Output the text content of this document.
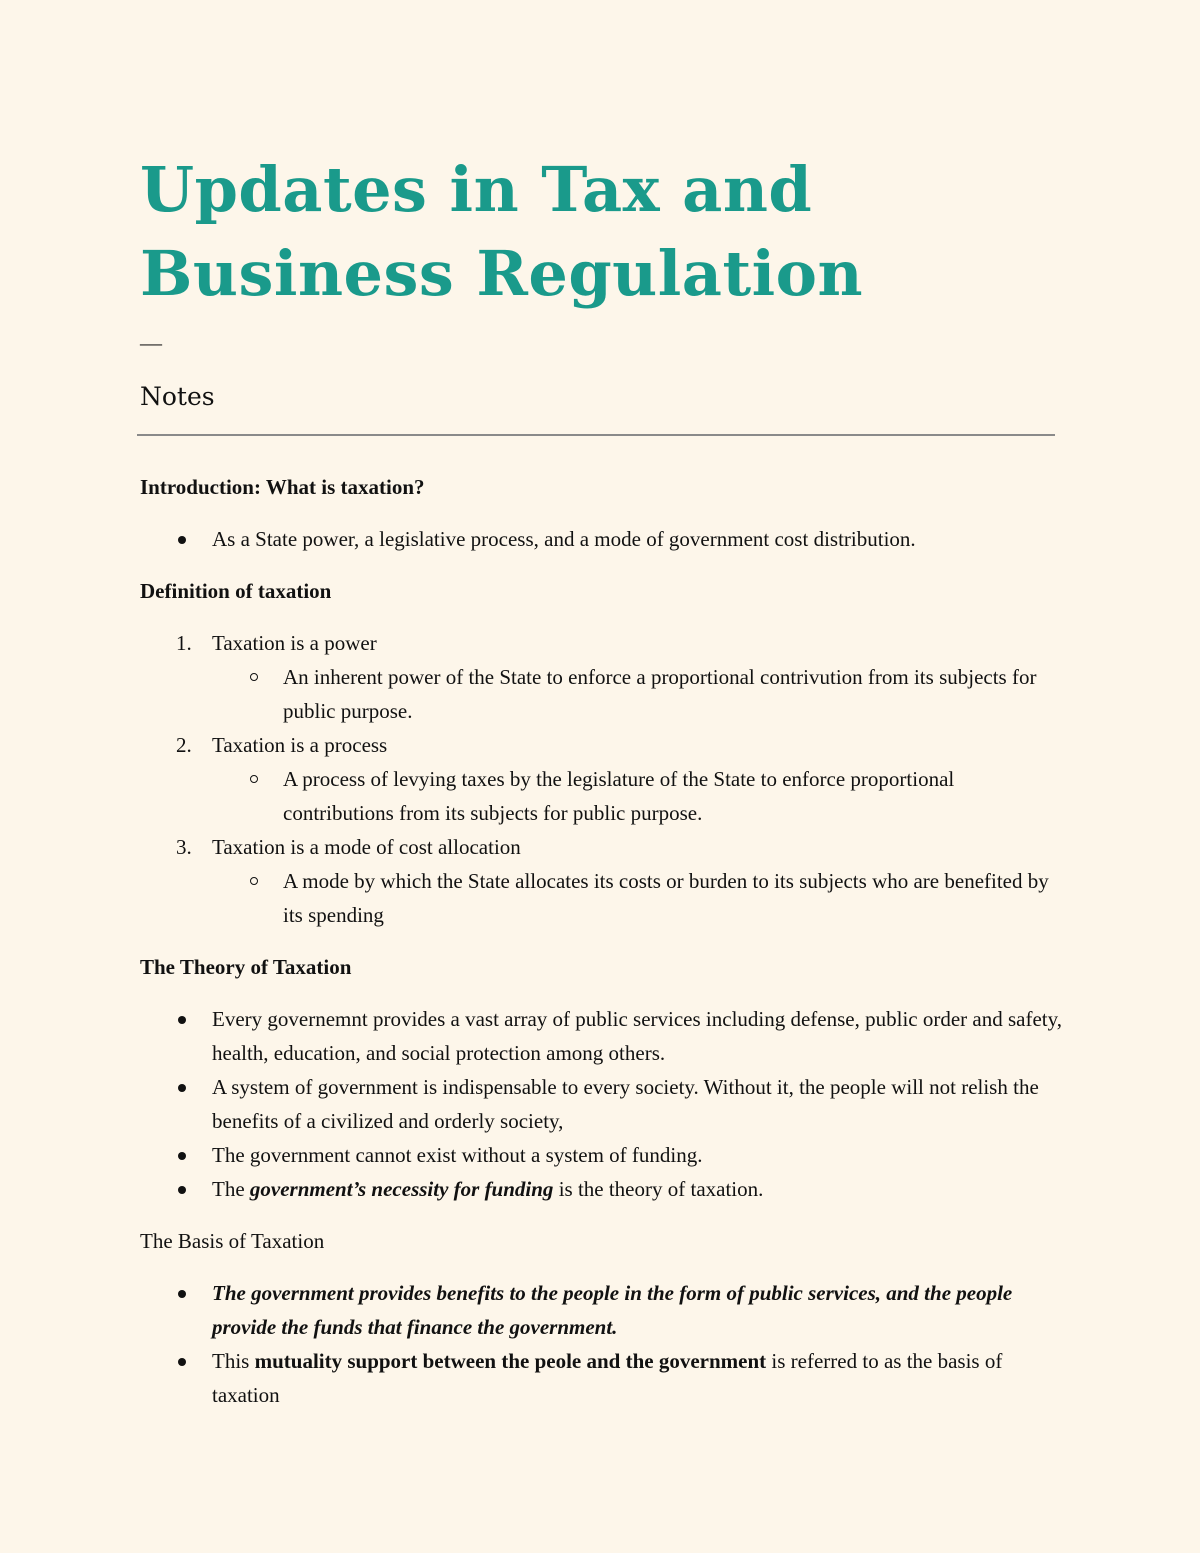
Updates in Tax and Business Regulation
—
Notes

Introduction: What is taxation?

As a State power, a legislative process, and a mode of government cost distribution.

Definition of taxation

1. Taxation is a power
An inherent power of the State to enforce a proportional contrivution from its subjects for public purpose.
2. Taxation is a process
A process of levying taxes by the legislature of the State to enforce proportional contributions from its subjects for public purpose.
3. Taxation is a mode of cost allocation
A mode by which the State allocates its costs or burden to its subjects who are benefited by its spending

The Theory of Taxation

Every governemnt provides a vast array of public services including defense, public order and safety, health, education, and social protection among others.
A system of government is indispensable to every society. Without it, the people will not relish the benefits of a civilized and orderly society,
The government cannot exist without a system of funding.
The government’s necessity for funding is the theory of taxation.

The Basis of Taxation

The government provides benefits to the people in the form of public services, and the people provide the funds that finance the government.
This mutuality support between the peole and the government is referred to as the basis of taxation
